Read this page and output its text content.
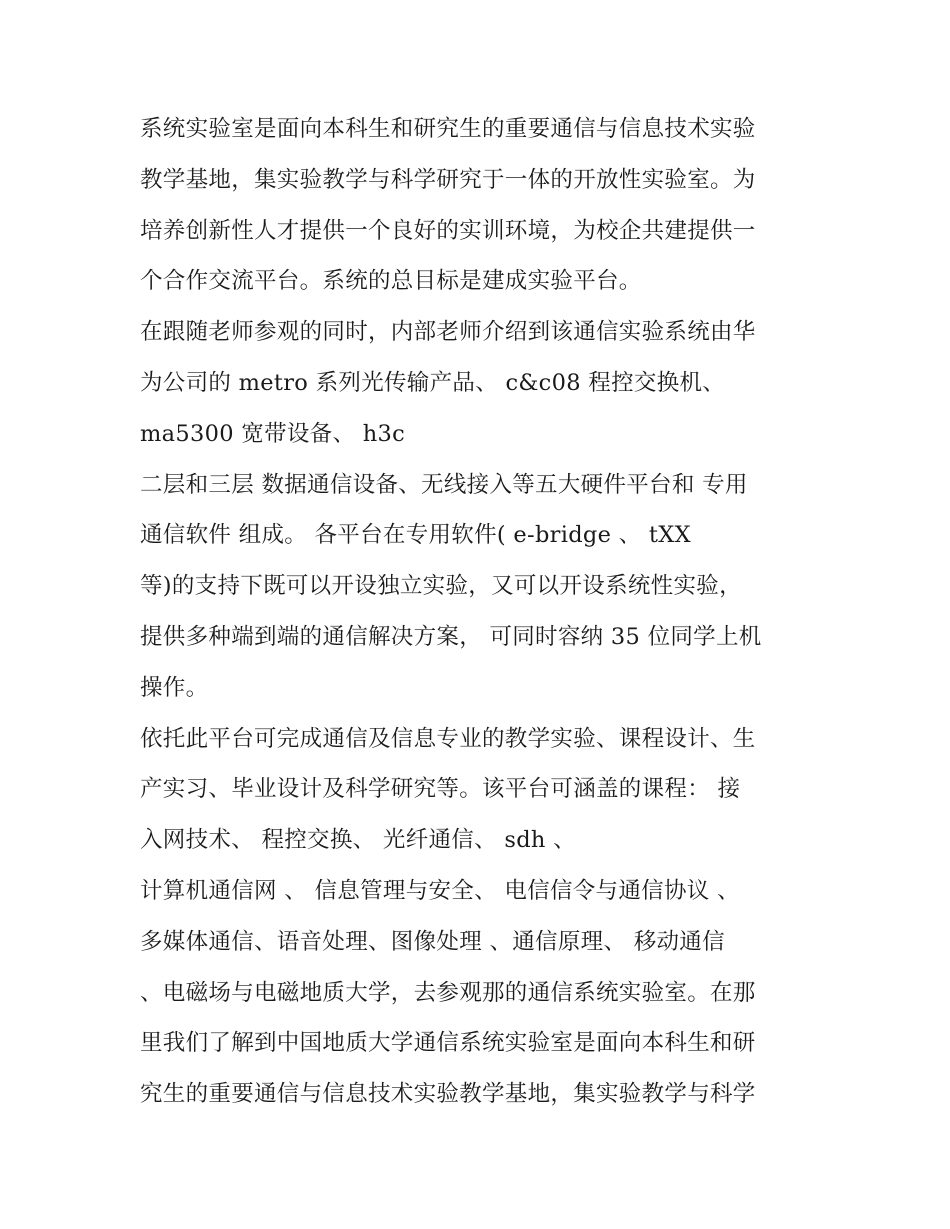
系统实验室是面向本科生和研究生的重要通信与信息技术实验
教学基地，集实验教学与科学研究于一体的开放性实验室。为
培养创新性人才提供一个良好的实训环境，为校企共建提供一
个合作交流平台。系统的总目标是建成实验平台。
在跟随老师参观的同时，内部老师介绍到该通信实验系统由华
为公司的 metro 系列光传输产品、 c&c08 程控交换机、
ma5300 宽带设备、 h3c
二层和三层 数据通信设备、无线接入等五大硬件平台和 专用
通信软件 组成。 各平台在专用软件( e-bridge 、 tXX
等)的支持下既可以开设独立实验，又可以开设系统性实验，
提供多种端到端的通信解决方案， 可同时容纳 35 位同学上机
操作。
依托此平台可完成通信及信息专业的教学实验、课程设计、生
产实习、毕业设计及科学研究等。该平台可涵盖的课程： 接
入网技术、 程控交换、 光纤通信、 sdh 、
计算机通信网 、 信息管理与安全、 电信信令与通信协议 、
多媒体通信、语音处理、图像处理 、通信原理、 移动通信
、电磁场与电磁地质大学，去参观那的通信系统实验室。在那
里我们了解到中国地质大学通信系统实验室是面向本科生和研
究生的重要通信与信息技术实验教学基地，集实验教学与科学
